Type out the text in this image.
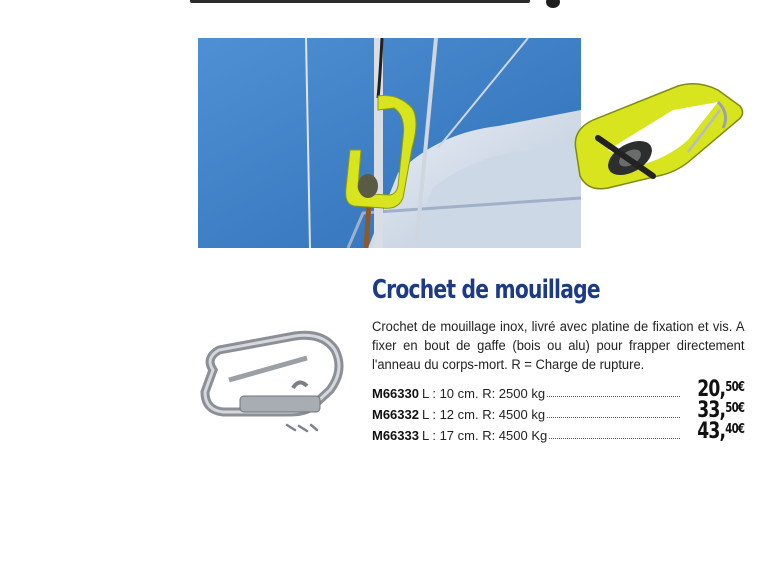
Crochet de mouillage
Crochet de mouillage inox, livré avec platine de fixation et vis. A fixer en bout de gaffe (bois ou alu) pour frapper directement l'anneau du corps-mort. R = Charge de rupture.
M66330 L : 10 cm. R: 2500 kg	20,$^{50€}$
M66332 L : 12 cm. R: 4500 kg	33,$^{50€}$
M66333 L : 17 cm. R: 4500 Kg	43,$^{40€}$
